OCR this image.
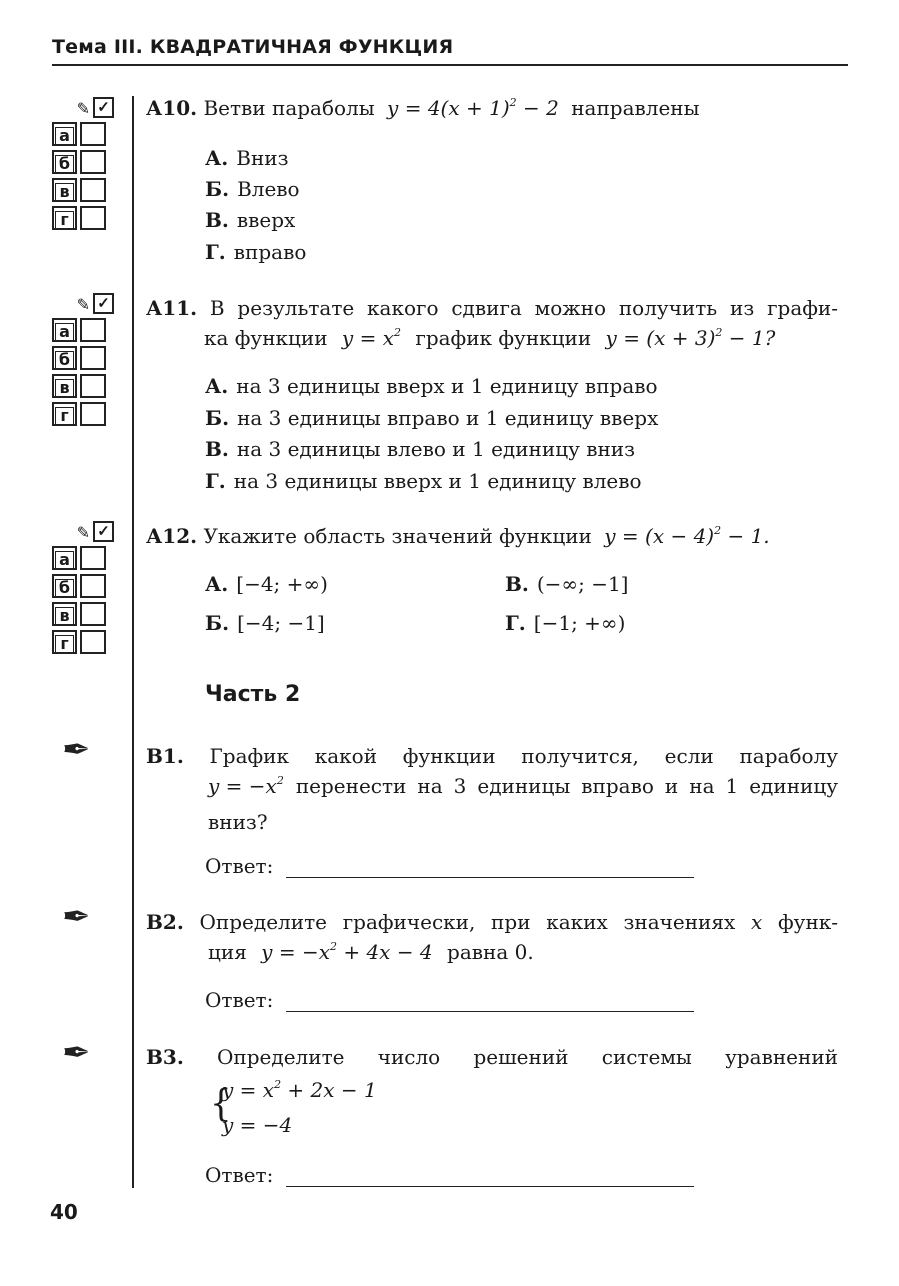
Тема III. КВАДРАТИЧНАЯ ФУНКЦИЯ
✎ ✓
а
б
в
г
✎ ✓
а
б
в
г
✎ ✓
а
б
в
г
А10. Ветви параболы $y = 4(x + 1)^2 - 2$ направлены
А. Вниз
Б. Влево
В. вверх
Г. вправо
А11. В результате какого сдвига можно получить из графи-
ка функции $y = x^2$ график функции $y = (x + 3)^2 - 1$?
А. на 3 единицы вверх и 1 единицу вправо
Б. на 3 единицы вправо и 1 единицу вверх
В. на 3 единицы влево и 1 единицу вниз
Г. на 3 единицы вверх и 1 единицу влево
А12. Укажите область значений функции $y = (x - 4)^2 - 1$.
А. [−4; +∞)	В. (−∞; −1]
Б. [−4; −1]	Г. [−1; +∞)
Часть 2
✒	В1. График какой функции получится, если параболу
$y = -x^2$ перенести на 3 единицы вправо и на 1 единицу
вниз?
Ответ:
✒	В2. Определите графически, при каких значениях x функ-
ция $y = -x^2 + 4x - 4$ равна 0.
Ответ:
✒	В3. Определите число решений системы уравнений
{
$y = x^2 + 2x - 1$
y = −4
Ответ:
40
